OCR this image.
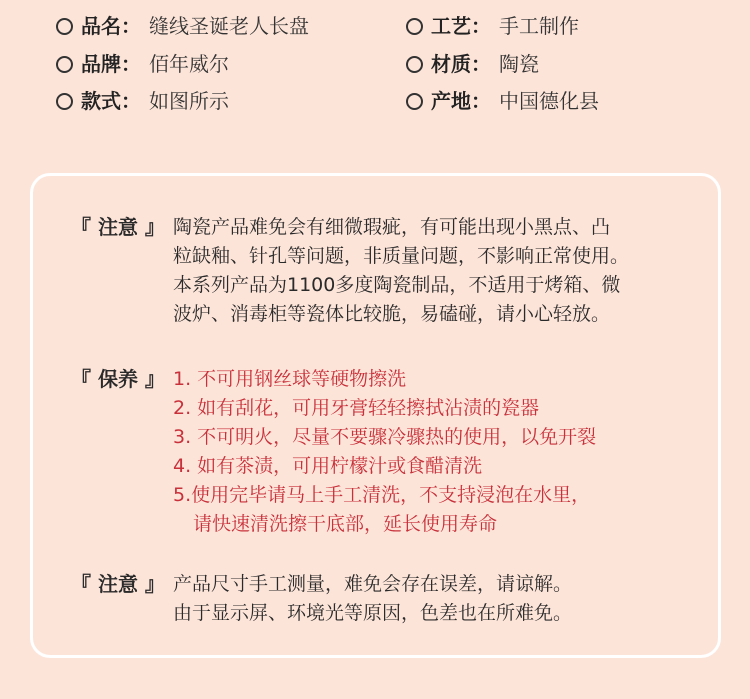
品名： 缝线圣诞老人长盘
品牌： 佰年威尔
款式： 如图所示
工艺： 手工制作
材质： 陶瓷
产地： 中国德化县
『 注意 』 陶瓷产品难免会有细微瑕疵，有可能出现小黑点、凸
粒缺釉、针孔等问题，非质量问题，不影响正常使用。
本系列产品为1100多度陶瓷制品，不适用于烤箱、微
波炉、消毒柜等瓷体比较脆，易磕碰，请小心轻放。
『 保养 』 1. 不可用钢丝球等硬物擦洗
2. 如有刮花，可用牙膏轻轻擦拭沾渍的瓷器
3. 不可明火，尽量不要骤冷骤热的使用，以免开裂
4. 如有茶渍，可用柠檬汁或食醋清洗
5.使用完毕请马上手工清洗，不支持浸泡在水里，
请快速清洗擦干底部，延长使用寿命
『 注意 』 产品尺寸手工测量，难免会存在误差，请谅解。
由于显示屏、环境光等原因，色差也在所难免。
